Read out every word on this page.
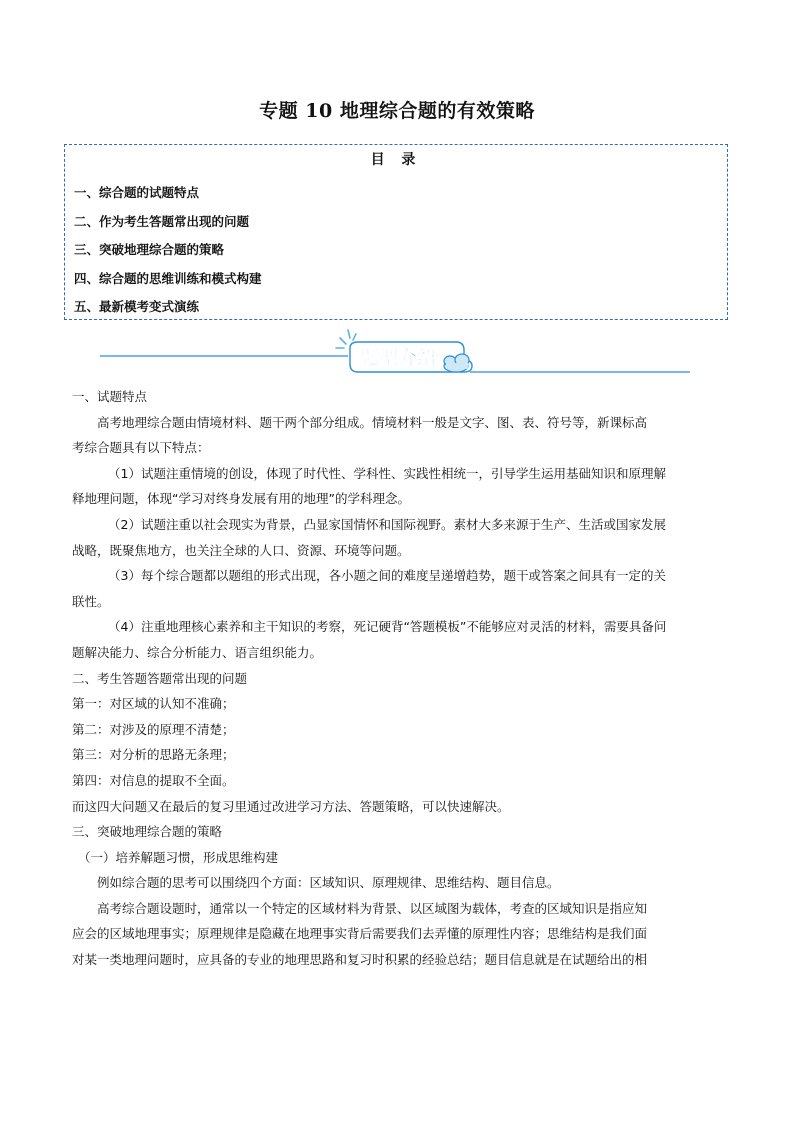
专题 10 地理综合题的有效策略
目 录
一、综合题的试题特点
二、作为考生答题常出现的问题
三、突破地理综合题的策略
四、综合题的思维训练和模式构建
五、最新模考变式演练
题型介绍
一、试题特点
高考地理综合题由情境材料、题干两个部分组成。情境材料一般是文字、图、表、符号等，新课标高
考综合题具有以下特点：
（1）试题注重情境的创设，体现了时代性、学科性、实践性相统一，引导学生运用基础知识和原理解
释地理问题，体现“学习对终身发展有用的地理”的学科理念。
（2）试题注重以社会现实为背景，凸显家国情怀和国际视野。素材大多来源于生产、生活或国家发展
战略，既聚焦地方，也关注全球的人口、资源、环境等问题。
（3）每个综合题都以题组的形式出现，各小题之间的难度呈递增趋势，题干或答案之间具有一定的关
联性。
（4）注重地理核心素养和主干知识的考察，死记硬背“答题模板”不能够应对灵活的材料，需要具备问
题解决能力、综合分析能力、语言组织能力。
二、考生答题答题常出现的问题
第一：对区域的认知不准确；
第二：对涉及的原理不清楚；
第三：对分析的思路无条理；
第四：对信息的提取不全面。
而这四大问题又在最后的复习里通过改进学习方法、答题策略，可以快速解决。
三、突破地理综合题的策略
（一）培养解题习惯，形成思维构建
例如综合题的思考可以围绕四个方面：区域知识、原理规律、思维结构、题目信息。
高考综合题设题时，通常以一个特定的区域材料为背景、以区域图为载体，考查的区域知识是指应知
应会的区域地理事实；原理规律是隐藏在地理事实背后需要我们去弄懂的原理性内容；思维结构是我们面
对某一类地理问题时，应具备的专业的地理思路和复习时积累的经验总结；题目信息就是在试题给出的相
